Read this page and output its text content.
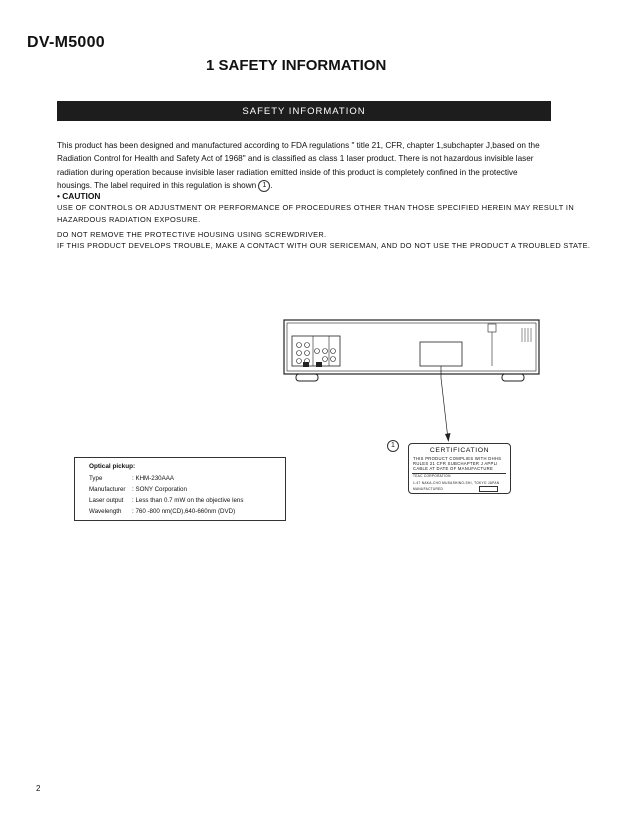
DV-M5000
1 SAFETY INFORMATION
SAFETY INFORMATION
This product has been designed and manufactured according to FDA regulations " title 21, CFR, chapter 1,subchapter J,based on the
Radiation Control for Health and Safety Act of 1968" and is classified as class 1 laser product. There is not hazardous invisible laser
radiation during operation because invisible laser radiation emitted inside of this product is completely confined in the protective
housings. The label required in this regulation is shown 1 .
• CAUTION
USE OF CONTROLS OR ADJUSTMENT OR PERFORMANCE OF PROCEDURES OTHER THAN THOSE SPECIFIED HEREIN MAY RESULT IN
HAZARDOUS RADIATION EXPOSURE.
DO NOT REMOVE THE PROTECTIVE HOUSING USING SCREWDRIVER.
IF THIS PRODUCT DEVELOPS TROUBLE, MAKE A CONTACT WITH OUR SERICEMAN, AND DO NOT USE THE PRODUCT A TROUBLED STATE.
1
CERTIFICATION
THIS PRODUCT COMPLIES WITH DHHS
RULES 21 CFR SUBCHAPTER J APPLI
CABLE AT DATE OF MANUFACTURE
TEAC CORPORATION
1-47 NAKA-CHO MUSASHINO-SHI, TOKYO JAPAN
MANUFACTURED
Optical pickup:
Type	: KHM-230AAA
Manufacturer : SONY Corporation
Laser output : Less than 0.7 mW on the objective lens
Wavelength : 760 -800 nm(CD),640-660nm (DVD)
2
